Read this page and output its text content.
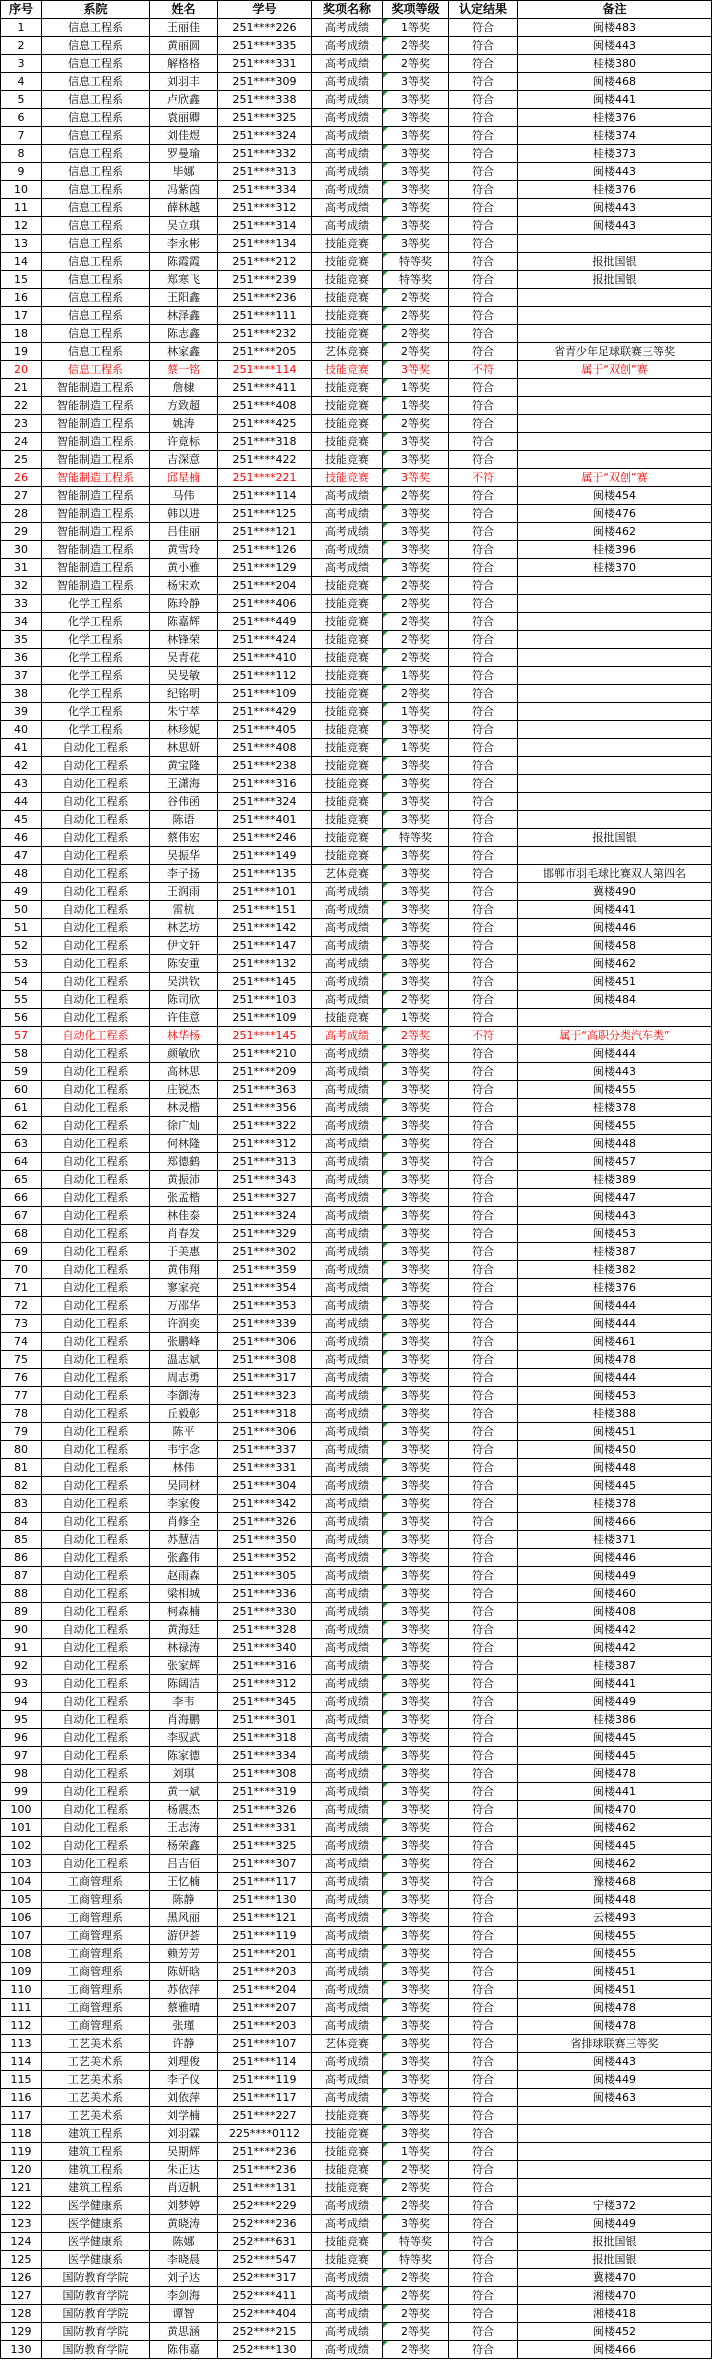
序号	系院	姓名	学号	奖项名称	奖项等级	认定结果	备注
1	信息工程系	王丽佳	251****226	高考成绩	1等奖	符合	闽楼483
2	信息工程系	黄丽圆	251****335	高考成绩	2等奖	符合	闽楼443
3	信息工程系	解格格	251****331	高考成绩	2等奖	符合	桂楼380
4	信息工程系	刘羽丰	251****309	高考成绩	3等奖	符合	闽楼468
5	信息工程系	卢欣鑫	251****338	高考成绩	3等奖	符合	闽楼441
6	信息工程系	袁丽卿	251****325	高考成绩	3等奖	符合	桂楼376
7	信息工程系	刘佳煜	251****324	高考成绩	3等奖	符合	桂楼374
8	信息工程系	罗曼瑜	251****332	高考成绩	3等奖	符合	桂楼373
9	信息工程系	毕娜	251****313	高考成绩	3等奖	符合	闽楼443
10	信息工程系	冯紫茵	251****334	高考成绩	3等奖	符合	桂楼376
11	信息工程系	薛林越	251****312	高考成绩	3等奖	符合	闽楼443
12	信息工程系	吴立琪	251****314	高考成绩	3等奖	符合	闽楼443
13	信息工程系	李永彬	251****134	技能竞赛	3等奖	符合
14	信息工程系	陈霞霞	251****212	技能竞赛	特等奖	符合	报批国银
15	信息工程系	郑寒飞	251****239	技能竞赛	特等奖	符合	报批国银
16	信息工程系	王阳鑫	251****236	技能竞赛	2等奖	符合
17	信息工程系	林泽鑫	251****111	技能竞赛	2等奖	符合
18	信息工程系	陈志鑫	251****232	技能竞赛	2等奖	符合
19	信息工程系	林家鑫	251****205	艺体竞赛	2等奖	符合	省青少年足球联赛三等奖
20	信息工程系	蔡一铭	251****114	技能竞赛	3等奖	不符	属于“双创”赛
21	智能制造工程系	詹棣	251****411	技能竞赛	1等奖	符合
22	智能制造工程系	方致超	251****408	技能竞赛	1等奖	符合
23	智能制造工程系	姚涛	251****425	技能竞赛	2等奖	符合
24	智能制造工程系	许竟标	251****318	技能竞赛	3等奖	符合
25	智能制造工程系	吉深意	251****422	技能竞赛	3等奖	符合
26	智能制造工程系	邱星楠	251****221	技能竞赛	3等奖	不符	属于“双创”赛
27	智能制造工程系	马伟	251****114	高考成绩	2等奖	符合	闽楼454
28	智能制造工程系	韩以进	251****125	高考成绩	3等奖	符合	闽楼476
29	智能制造工程系	吕佳丽	251****121	高考成绩	3等奖	符合	闽楼462
30	智能制造工程系	黄雪玲	251****126	高考成绩	3等奖	符合	桂楼396
31	智能制造工程系	黄小雅	251****129	高考成绩	3等奖	符合	桂楼370
32	智能制造工程系	杨宋欢	251****204	技能竞赛	2等奖	符合
33	化学工程系	陈玲静	251****406	技能竞赛	2等奖	符合
34	化学工程系	陈嘉辉	251****449	技能竞赛	2等奖	符合
35	化学工程系	林锋荣	251****424	技能竞赛	2等奖	符合
36	化学工程系	吴青花	251****410	技能竞赛	2等奖	符合
37	化学工程系	吴旻敏	251****112	技能竞赛	1等奖	符合
38	化学工程系	纪铭明	251****109	技能竞赛	2等奖	符合
39	化学工程系	朱宁萃	251****429	技能竞赛	1等奖	符合
40	化学工程系	林珍妮	251****405	技能竞赛	3等奖	符合
41	自动化工程系	林思妍	251****408	技能竞赛	1等奖	符合
42	自动化工程系	黄宝隆	251****238	技能竞赛	3等奖	符合
43	自动化工程系	王潇海	251****316	技能竞赛	3等奖	符合
44	自动化工程系	谷伟函	251****324	技能竞赛	3等奖	符合
45	自动化工程系	陈语	251****401	技能竞赛	3等奖	符合
46	自动化工程系	蔡伟宏	251****246	技能竞赛	特等奖	符合	报批国银
47	自动化工程系	吴振华	251****149	技能竞赛	3等奖	符合
48	自动化工程系	李子扬	251****135	艺体竞赛	3等奖	符合	邯郸市羽毛球比赛双人第四名
49	自动化工程系	王润雨	251****101	高考成绩	3等奖	符合	冀楼490
50	自动化工程系	雷杭	251****151	高考成绩	3等奖	符合	闽楼441
51	自动化工程系	林艺坊	251****142	高考成绩	3等奖	符合	闽楼446
52	自动化工程系	伊文轩	251****147	高考成绩	3等奖	符合	闽楼458
53	自动化工程系	陈安重	251****132	高考成绩	3等奖	符合	闽楼462
54	自动化工程系	吴洪钦	251****145	高考成绩	3等奖	符合	闽楼451
55	自动化工程系	陈司欣	251****103	高考成绩	2等奖	符合	闽楼484
56	自动化工程系	许佳意	251****109	技能竞赛	1等奖	符合
57	自动化工程系	林华杨	251****145	高考成绩	2等奖	不符	属于“高职分类汽车类”
58	自动化工程系	颜敏欣	251****210	高考成绩	3等奖	符合	闽楼444
59	自动化工程系	高林思	251****209	高考成绩	3等奖	符合	闽楼443
60	自动化工程系	庄锐杰	251****363	高考成绩	3等奖	符合	闽楼455
61	自动化工程系	林灵楷	251****356	高考成绩	3等奖	符合	桂楼378
62	自动化工程系	徐广灿	251****322	高考成绩	3等奖	符合	闽楼455
63	自动化工程系	何林隆	251****312	高考成绩	3等奖	符合	闽楼448
64	自动化工程系	郑德鹤	251****313	高考成绩	3等奖	符合	闽楼457
65	自动化工程系	黄振沛	251****343	高考成绩	3等奖	符合	桂楼389
66	自动化工程系	张孟楷	251****327	高考成绩	3等奖	符合	闽楼447
67	自动化工程系	林佳泰	251****324	高考成绩	3等奖	符合	闽楼443
68	自动化工程系	肖春发	251****329	高考成绩	3等奖	符合	闽楼453
69	自动化工程系	于美惠	251****302	高考成绩	3等奖	符合	桂楼387
70	自动化工程系	黄伟翔	251****359	高考成绩	3等奖	符合	桂楼382
71	自动化工程系	寥家亮	251****354	高考成绩	3等奖	符合	桂楼376
72	自动化工程系	万邵华	251****353	高考成绩	3等奖	符合	闽楼444
73	自动化工程系	许润奕	251****339	高考成绩	3等奖	符合	闽楼444
74	自动化工程系	张鹏峰	251****306	高考成绩	3等奖	符合	闽楼461
75	自动化工程系	温志斌	251****308	高考成绩	3等奖	符合	闽楼478
76	自动化工程系	周志勇	251****317	高考成绩	3等奖	符合	闽楼444
77	自动化工程系	李御涛	251****323	高考成绩	3等奖	符合	闽楼453
78	自动化工程系	丘毅彰	251****318	高考成绩	3等奖	符合	桂楼388
79	自动化工程系	陈平	251****306	高考成绩	3等奖	符合	闽楼451
80	自动化工程系	韦宇念	251****337	高考成绩	3等奖	符合	闽楼450
81	自动化工程系	林伟	251****331	高考成绩	3等奖	符合	闽楼448
82	自动化工程系	吴同材	251****304	高考成绩	3等奖	符合	闽楼445
83	自动化工程系	李家俊	251****342	高考成绩	3等奖	符合	桂楼378
84	自动化工程系	肖修全	251****326	高考成绩	3等奖	符合	闽楼466
85	自动化工程系	苏慧洁	251****350	高考成绩	3等奖	符合	桂楼371
86	自动化工程系	张鑫伟	251****352	高考成绩	3等奖	符合	闽楼446
87	自动化工程系	赵雨森	251****305	高考成绩	3等奖	符合	闽楼449
88	自动化工程系	梁相城	251****336	高考成绩	3等奖	符合	闽楼460
89	自动化工程系	柯森楠	251****330	高考成绩	3等奖	符合	闽楼408
90	自动化工程系	黄海廷	251****328	高考成绩	3等奖	符合	闽楼442
91	自动化工程系	林禄涛	251****340	高考成绩	3等奖	符合	闽楼442
92	自动化工程系	张家辉	251****316	高考成绩	3等奖	符合	桂楼387
93	自动化工程系	陈阔洁	251****312	高考成绩	3等奖	符合	闽楼441
94	自动化工程系	李韦	251****345	高考成绩	3等奖	符合	闽楼449
95	自动化工程系	肖海鹏	251****301	高考成绩	3等奖	符合	桂楼386
96	自动化工程系	李驭武	251****318	高考成绩	3等奖	符合	闽楼445
97	自动化工程系	陈家德	251****334	高考成绩	3等奖	符合	闽楼445
98	自动化工程系	刘琪	251****308	高考成绩	3等奖	符合	闽楼478
99	自动化工程系	黄一斌	251****319	高考成绩	3等奖	符合	闽楼441
100	自动化工程系	杨震杰	251****326	高考成绩	3等奖	符合	闽楼470
101	自动化工程系	王志涛	251****331	高考成绩	3等奖	符合	闽楼462
102	自动化工程系	杨荣鑫	251****325	高考成绩	3等奖	符合	闽楼445
103	自动化工程系	吕吉佰	251****307	高考成绩	3等奖	符合	闽楼462
104	工商管理系	王忆楠	251****117	高考成绩	3等奖	符合	豫楼468
105	工商管理系	陈静	251****130	高考成绩	3等奖	符合	闽楼448
106	工商管理系	黑风丽	251****121	高考成绩	3等奖	符合	云楼493
107	工商管理系	游伊荟	251****119	高考成绩	3等奖	符合	闽楼455
108	工商管理系	赖芳芳	251****201	高考成绩	3等奖	符合	闽楼455
109	工商管理系	陈妍晗	251****203	高考成绩	3等奖	符合	闽楼451
110	工商管理系	苏依萍	251****204	高考成绩	3等奖	符合	闽楼451
111	工商管理系	蔡雅晴	251****207	高考成绩	3等奖	符合	闽楼478
112	工商管理系	张瑾	251****203	高考成绩	3等奖	符合	闽楼478
113	工艺美术系	许静	251****107	艺体竞赛	3等奖	符合	省排球联赛三等奖
114	工艺美术系	刘理俊	251****114	高考成绩	3等奖	符合	闽楼443
115	工艺美术系	李子仪	251****119	高考成绩	3等奖	符合	闽楼449
116	工艺美术系	刘依萍	251****117	高考成绩	3等奖	符合	闽楼463
117	工艺美术系	刘学楠	251****227	技能竞赛	3等奖	符合
118	建筑工程系	刘羽霖	225****0112	技能竞赛	3等奖	符合
119	建筑工程系	吴期辉	251****236	技能竞赛	1等奖	符合
120	建筑工程系	朱正达	251****236	技能竞赛	2等奖	符合
121	建筑工程系	肖迈帆	251****131	技能竞赛	2等奖	符合
122	医学健康系	刘梦婷	252****229	高考成绩	2等奖	符合	宁楼372
123	医学健康系	黄晓涛	252****236	高考成绩	3等奖	符合	闽楼449
124	医学健康系	陈娜	252****631	技能竞赛	特等奖	符合	报批国银
125	医学健康系	李晓晨	252****547	技能竞赛	特等奖	符合	报批国银
126	国防教育学院	刘子达	252****317	高考成绩	2等奖	符合	冀楼470
127	国防教育学院	李剑海	252****411	高考成绩	2等奖	符合	湘楼470
128	国防教育学院	谭智	252****404	高考成绩	2等奖	符合	湘楼418
129	国防教育学院	黄思涵	252****215	高考成绩	2等奖	符合	闽楼452
130	国防教育学院	陈伟嘉	252****130	高考成绩	2等奖	符合	闽楼466
